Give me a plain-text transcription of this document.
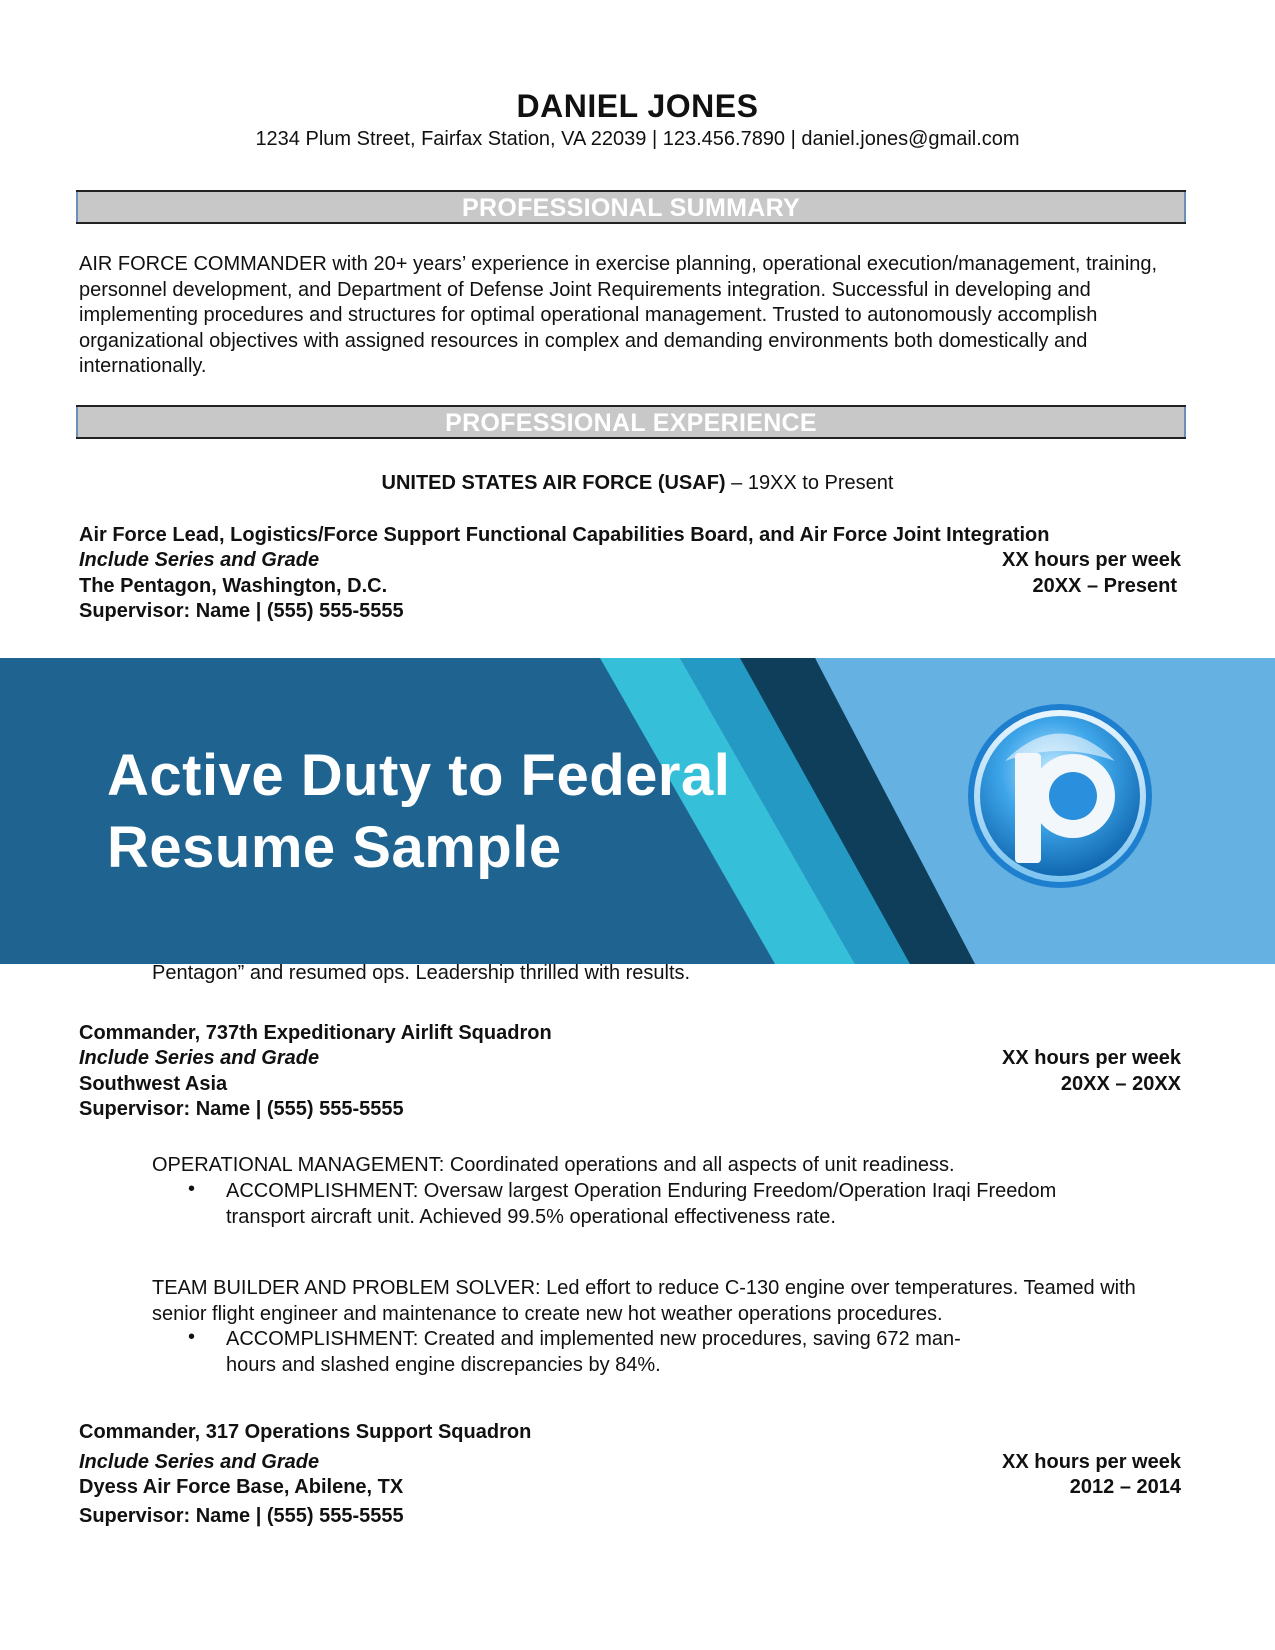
DANIEL JONES
1234 Plum Street, Fairfax Station, VA 22039 | 123.456.7890 | daniel.jones@gmail.com
PROFESSIONAL SUMMARY
AIR FORCE COMMANDER with 20+ years’ experience in exercise planning, operational execution/management, training, personnel development, and Department of Defense Joint Requirements integration. Successful in developing and implementing procedures and structures for optimal operational management. Trusted to autonomously accomplish organizational objectives with assigned resources in complex and demanding environments both domestically and internationally.
PROFESSIONAL EXPERIENCE
UNITED STATES AIR FORCE (USAF) – 19XX to Present
Air Force Lead, Logistics/Force Support Functional Capabilities Board, and Air Force Joint Integration
Include Series and Grade	XX hours per week
The Pentagon, Washington, D.C.	20XX – Present
Supervisor: Name | (555) 555-5555
Active Duty to Federal
Resume Sample
Pentagon” and resumed ops. Leadership thrilled with results.
Commander, 737th Expeditionary Airlift Squadron
Include Series and Grade	XX hours per week
Southwest Asia	20XX – 20XX
Supervisor: Name | (555) 555-5555
OPERATIONAL MANAGEMENT: Coordinated operations and all aspects of unit readiness.
• ACCOMPLISHMENT: Oversaw largest Operation Enduring Freedom/Operation Iraqi Freedom transport aircraft unit. Achieved 99.5% operational effectiveness rate.
TEAM BUILDER AND PROBLEM SOLVER: Led effort to reduce C-130 engine over temperatures. Teamed with senior flight engineer and maintenance to create new hot weather operations procedures.
• ACCOMPLISHMENT: Created and implemented new procedures, saving 672 man-hours and slashed engine discrepancies by 84%.
Commander, 317 Operations Support Squadron
Include Series and Grade	XX hours per week
Dyess Air Force Base, Abilene, TX	2012 – 2014
Supervisor: Name | (555) 555-5555
